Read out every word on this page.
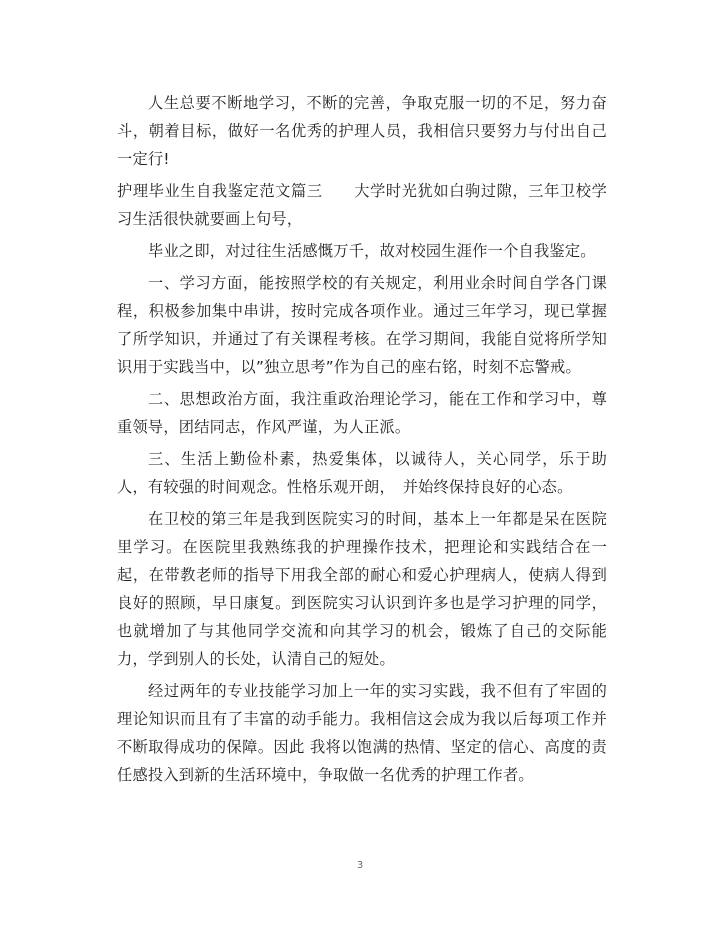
人生总要不断地学习，不断的完善，争取克服一切的不足，努力奋斗，朝着目标，做好一名优秀的护理人员，我相信只要努力与付出自己一定行!

护理毕业生自我鉴定范文篇三　　大学时光犹如白驹过隙，三年卫校学习生活很快就要画上句号，

毕业之即，对过往生活感慨万千，故对校园生涯作一个自我鉴定。

一、学习方面，能按照学校的有关规定，利用业余时间自学各门课程，积极参加集中串讲，按时完成各项作业。通过三年学习，现已掌握了所学知识，并通过了有关课程考核。在学习期间，我能自觉将所学知识用于实践当中，以”独立思考”作为自己的座右铭，时刻不忘警戒。

二、思想政治方面，我注重政治理论学习，能在工作和学习中，尊重领导，团结同志，作风严谨，为人正派。

三、生活上勤俭朴素，热爱集体，以诚待人，关心同学，乐于助人，有较强的时间观念。性格乐观开朗，　并始终保持良好的心态。

在卫校的第三年是我到医院实习的时间，基本上一年都是呆在医院里学习。在医院里我熟练我的护理操作技术，把理论和实践结合在一起，在带教老师的指导下用我全部的耐心和爱心护理病人，使病人得到良好的照顾，早日康复。到医院实习认识到许多也是学习护理的同学，也就增加了与其他同学交流和向其学习的机会，锻炼了自己的交际能力，学到别人的长处，认清自己的短处。

经过两年的专业技能学习加上一年的实习实践，我不但有了牢固的理论知识而且有了丰富的动手能力。我相信这会成为我以后每项工作并不断取得成功的保障。因此 我将以饱满的热情、坚定的信心、高度的责任感投入到新的生活环境中，争取做一名优秀的护理工作者。

3
